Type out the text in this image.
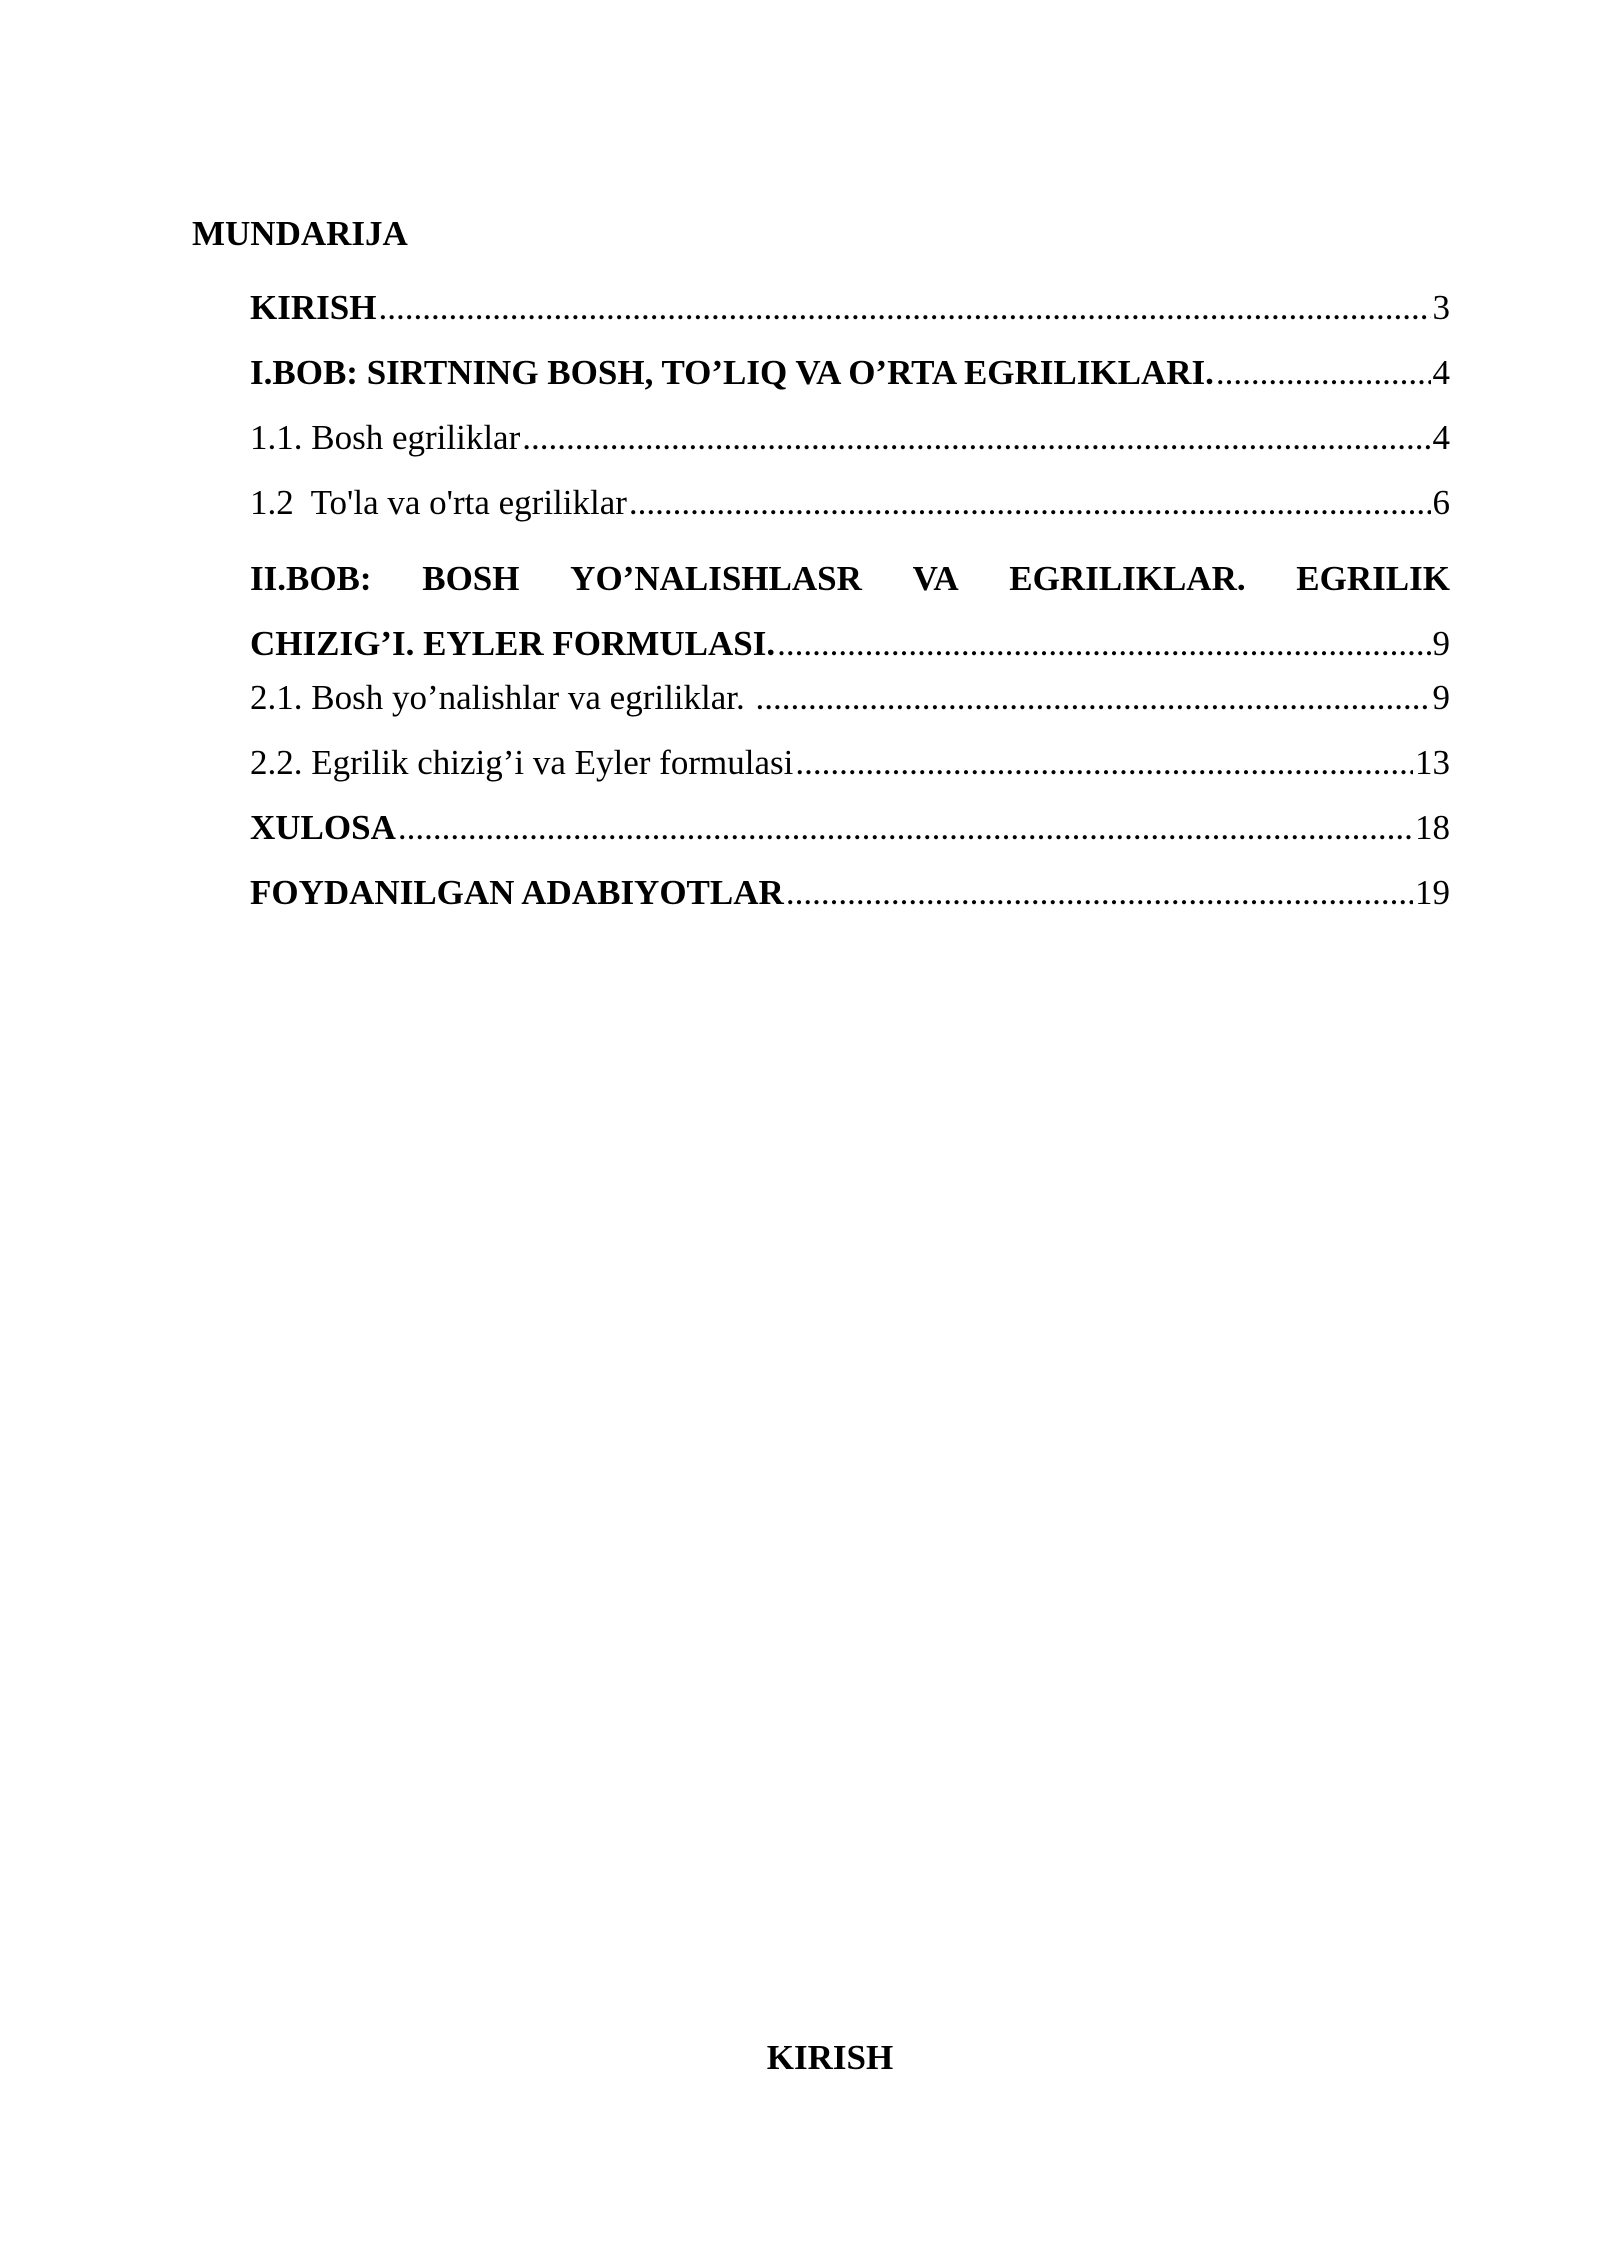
MUNDARIJA
KIRISH .....	3
I.BOB: SIRTNING BOSH, TO’LIQ VA O’RTA EGRILIKLARI. .....	4
1.1. Bosh egriliklar .....	4
1.2  To'la va o'rta egriliklar .....	6
II.BOB: BOSH YO’NALISHLASR VA EGRILIKLAR. EGRILIK
CHIZIG’I. EYLER FORMULASI. .....	9
2.1. Bosh yo’nalishlar va egriliklar. .....	9
2.2. Egrilik chizig’i va Eyler formulasi .....	13
XULOSA .....	18
FOYDANILGAN ADABIYOTLAR .....	19
KIRISH
